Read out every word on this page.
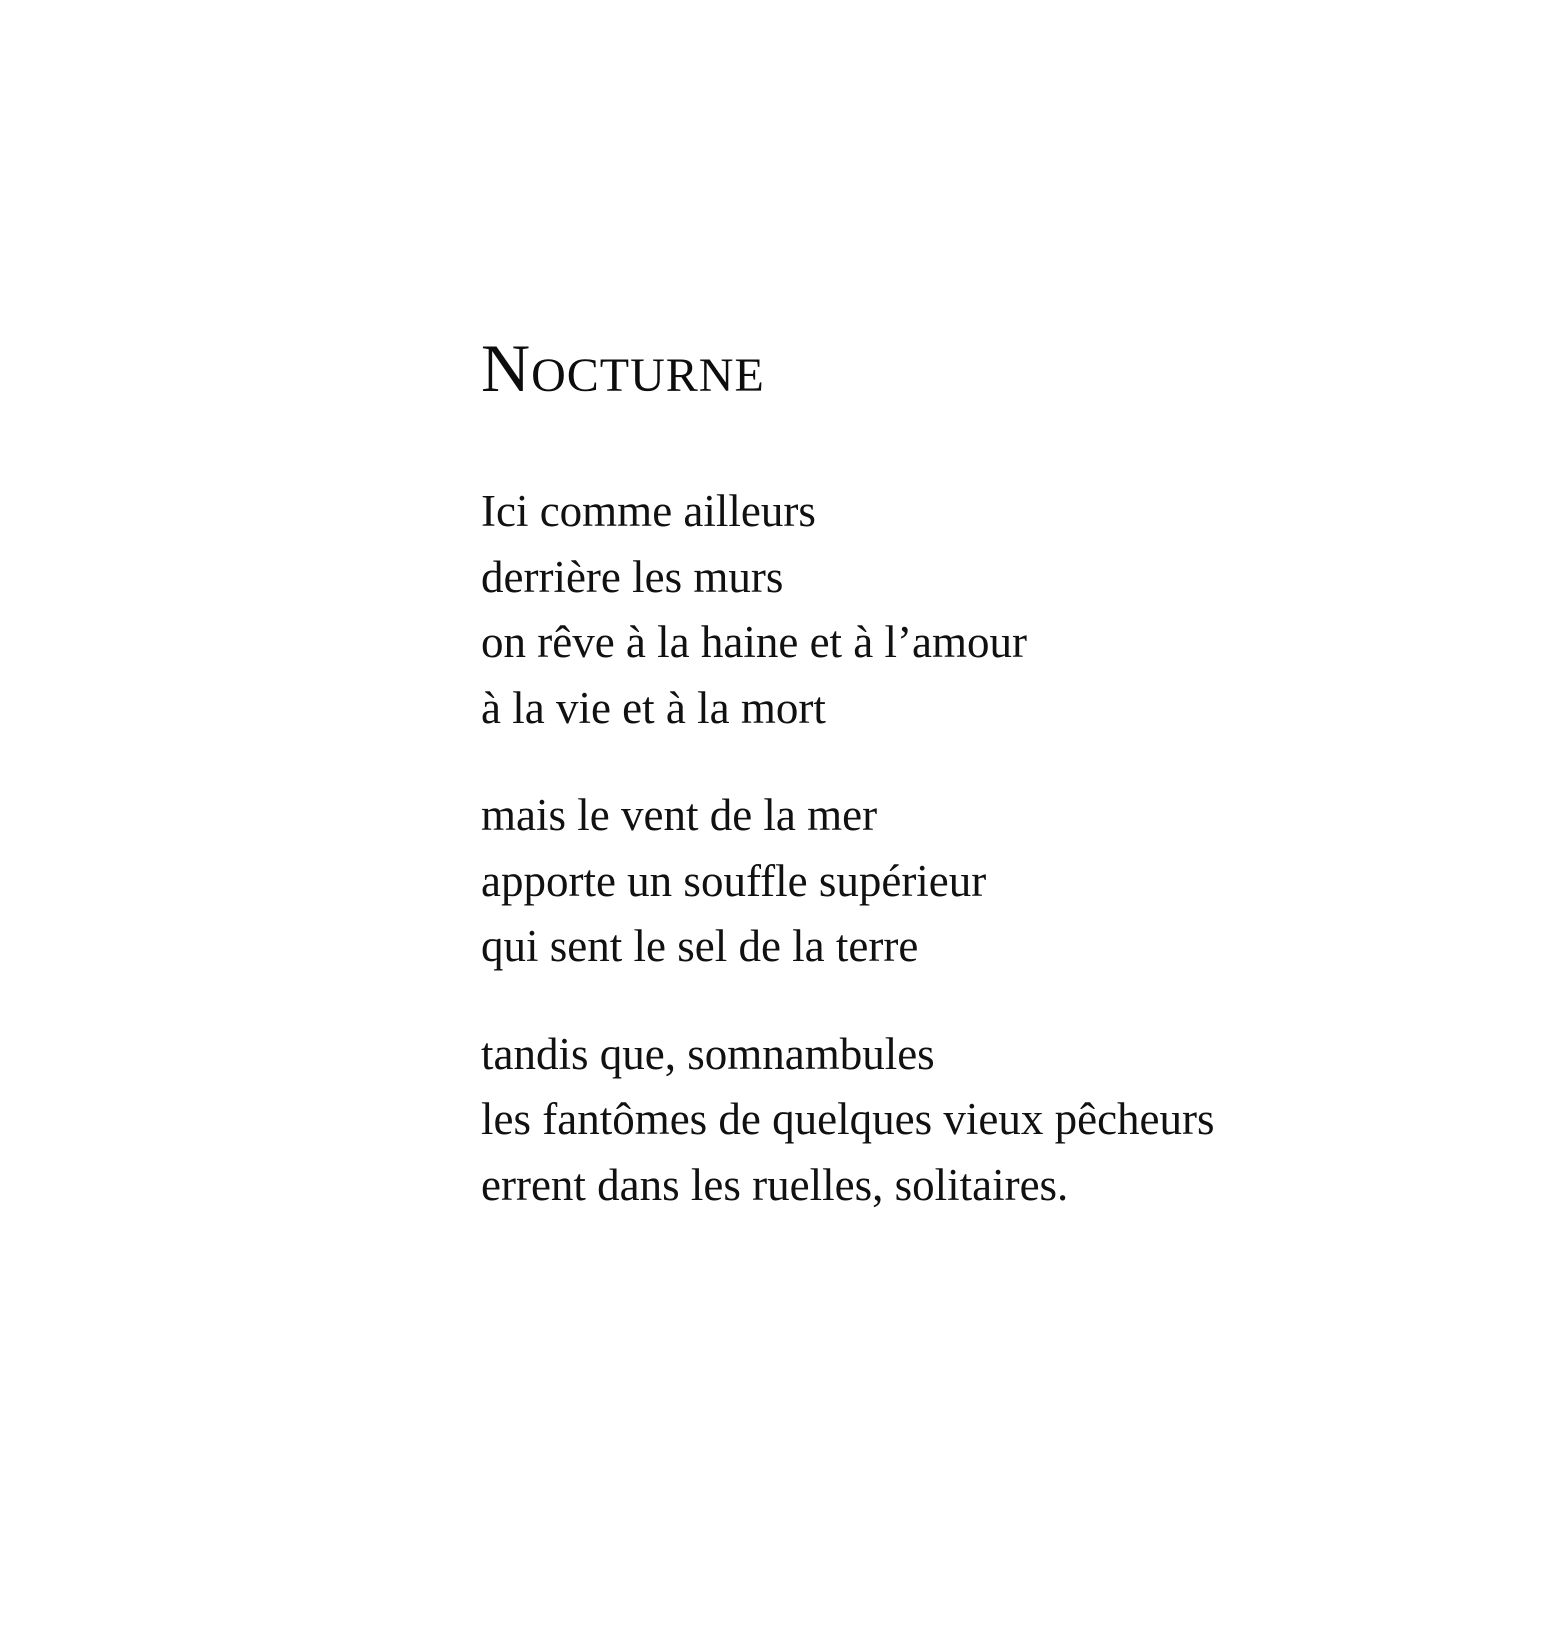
Nocturne

Ici comme ailleurs
derrière les murs
on rêve à la haine et à l’amour
à la vie et à la mort

mais le vent de la mer
apporte un souffle supérieur
qui sent le sel de la terre

tandis que, somnambules
les fantômes de quelques vieux pêcheurs
errent dans les ruelles, solitaires.
